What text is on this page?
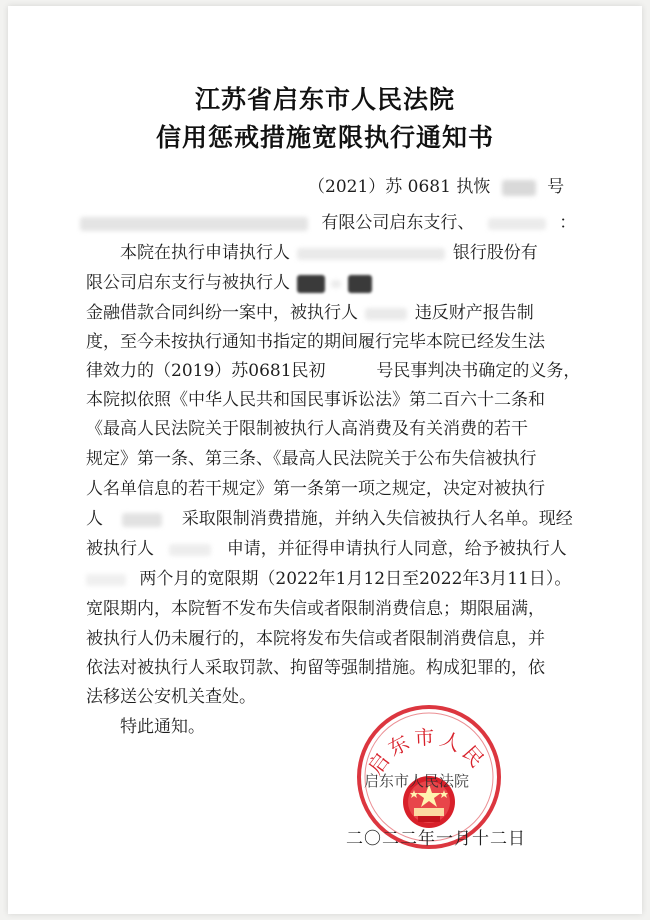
江苏省启东市人民法院
信用惩戒措施宽限执行通知书
（2021）苏 0681 执恢	号
有限公司启东支行、	：
本院在执行申请执行人	银行股份有
限公司启东支行与被执行人
金融借款合同纠纷一案中，被执行人	违反财产报告制
度，至今未按执行通知书指定的期间履行完毕本院已经发生法
律效力的（2019）苏0681民初	号民事判决书确定的义务，
本院拟依照《中华人民共和国民事诉讼法》第二百六十二条和
《最高人民法院关于限制被执行人高消费及有关消费的若干
规定》第一条、第三条、《最高人民法院关于公布失信被执行
人名单信息的若干规定》第一条第一项之规定，决定对被执行
人	采取限制消费措施，并纳入失信被执行人名单。现经
被执行人	申请，并征得申请执行人同意，给予被执行人
两个月的宽限期（2022年1月12日至2022年3月11日）。
宽限期内，本院暂不发布失信或者限制消费信息；期限届满，
被执行人仍未履行的，本院将发布失信或者限制消费信息，并
依法对被执行人采取罚款、拘留等强制措施。构成犯罪的，依
法移送公安机关查处。
特此通知。
启东市人民
启东市人民法院
二〇二二年一月十二日
